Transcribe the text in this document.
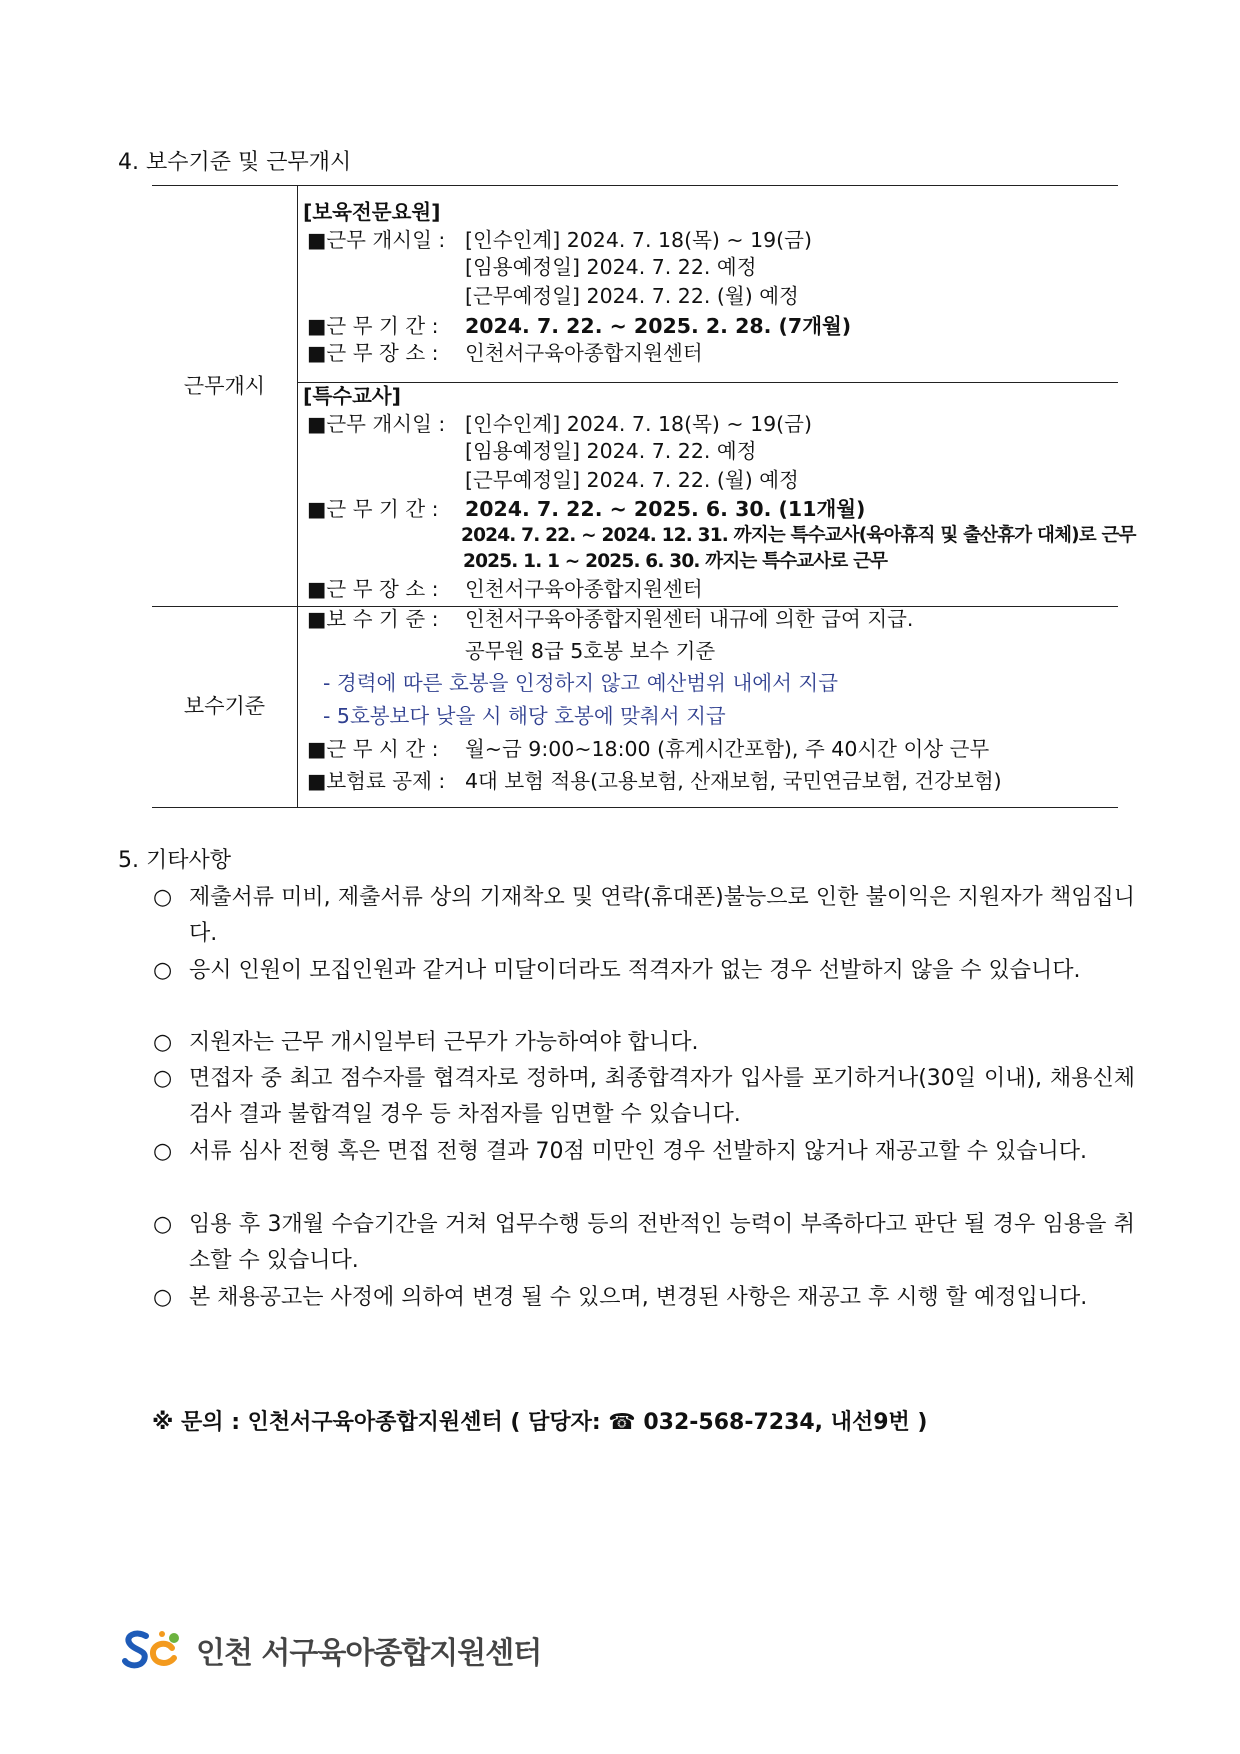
4. 보수기준 및 근무개시
근무개시
보수기준
[보육전문요원]
■근무 개시일 : [인수인계] 2024. 7. 18(목) ~ 19(금)
[임용예정일] 2024. 7. 22. 예정
[근무예정일] 2024. 7. 22. (월) 예정
■근 무 기 간 : 2024. 7. 22. ~ 2025. 2. 28. (7개월)
■근 무 장 소 : 인천서구육아종합지원센터
[특수교사]
■근무 개시일 : [인수인계] 2024. 7. 18(목) ~ 19(금)
[임용예정일] 2024. 7. 22. 예정
[근무예정일] 2024. 7. 22. (월) 예정
■근 무 기 간 : 2024. 7. 22. ~ 2025. 6. 30. (11개월)
2024. 7. 22. ~ 2024. 12. 31. 까지는 특수교사(육아휴직 및 출산휴가 대체)로 근무
2025. 1. 1 ~ 2025. 6. 30. 까지는 특수교사로 근무
■근 무 장 소 : 인천서구육아종합지원센터
■보 수 기 준 : 인천서구육아종합지원센터 내규에 의한 급여 지급.
공무원 8급 5호봉 보수 기준
- 경력에 따른 호봉을 인정하지 않고 예산범위 내에서 지급
- 5호봉보다 낮을 시 해당 호봉에 맞춰서 지급
■근 무 시 간 : 월~금 9:00~18:00 (휴게시간포함), 주 40시간 이상 근무
■보험료 공제 : 4대 보험 적용(고용보험, 산재보험, 국민연금보험, 건강보험)
5. 기타사항
○ 제출서류 미비, 제출서류 상의 기재착오 및 연락(휴대폰)불능으로 인한 불이익은 지원자가 책임집니다.
○ 응시 인원이 모집인원과 같거나 미달이더라도 적격자가 없는 경우 선발하지 않을 수 있습니다.
○ 지원자는 근무 개시일부터 근무가 가능하여야 합니다.
○ 면접자 중 최고 점수자를 협격자로 정하며, 최종합격자가 입사를 포기하거나(30일 이내), 채용신체 검사 결과 불합격일 경우 등 차점자를 임면할 수 있습니다.
○ 서류 심사 전형 혹은 면접 전형 결과 70점 미만인 경우 선발하지 않거나 재공고할 수 있습니다.
○ 임용 후 3개월 수습기간을 거쳐 업무수행 등의 전반적인 능력이 부족하다고 판단 될 경우 임용을 취소할 수 있습니다.
○ 본 채용공고는 사정에 의하여 변경 될 수 있으며, 변경된 사항은 재공고 후 시행 할 예정입니다.
※ 문의 : 인천서구육아종합지원센터 ( 담당자: ☎ 032-568-7234, 내선9번 )
인천 서구육아종합지원센터
